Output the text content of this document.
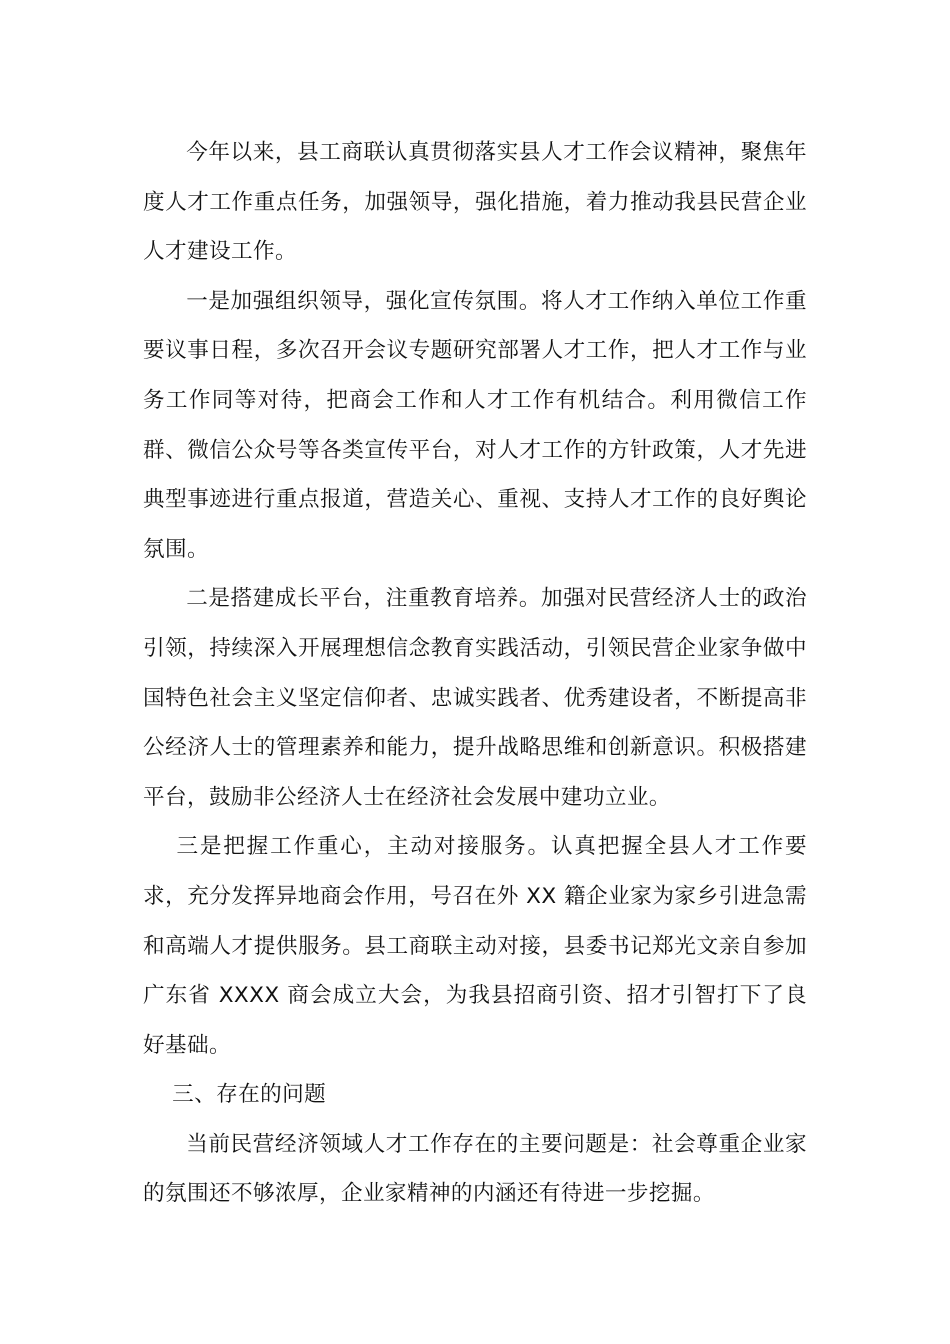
今年以来，县工商联认真贯彻落实县人才工作会议精神，聚焦年度人才工作重点任务，加强领导，强化措施，着力推动我县民营企业人才建设工作。

一是加强组织领导，强化宣传氛围。将人才工作纳入单位工作重要议事日程，多次召开会议专题研究部署人才工作，把人才工作与业务工作同等对待，把商会工作和人才工作有机结合。利用微信工作群、微信公众号等各类宣传平台，对人才工作的方针政策，人才先进典型事迹进行重点报道，营造关心、重视、支持人才工作的良好舆论氛围。

二是搭建成长平台，注重教育培养。加强对民营经济人士的政治引领，持续深入开展理想信念教育实践活动，引领民营企业家争做中国特色社会主义坚定信仰者、忠诚实践者、优秀建设者，不断提高非公经济人士的管理素养和能力，提升战略思维和创新意识。积极搭建平台，鼓励非公经济人士在经济社会发展中建功立业。

三是把握工作重心，主动对接服务。认真把握全县人才工作要求，充分发挥异地商会作用，号召在外 XX 籍企业家为家乡引进急需和高端人才提供服务。县工商联主动对接，县委书记郑光文亲自参加广东省 XXXX 商会成立大会，为我县招商引资、招才引智打下了良好基础。

三、存在的问题

当前民营经济领域人才工作存在的主要问题是：社会尊重企业家的氛围还不够浓厚，企业家精神的内涵还有待进一步挖掘。
